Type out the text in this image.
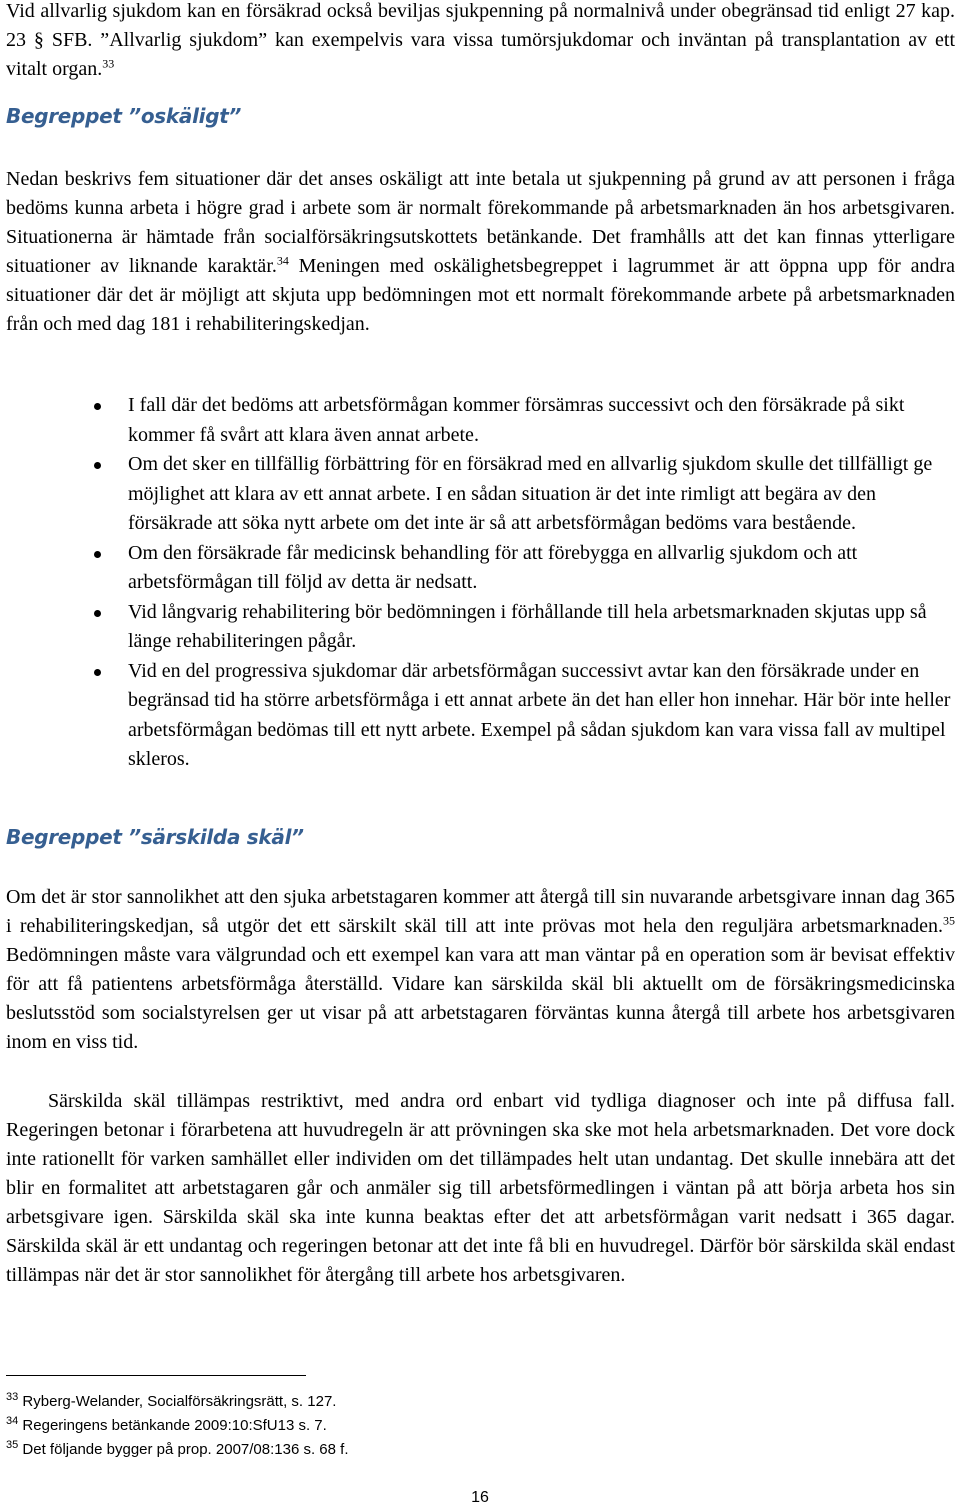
Vid allvarlig sjukdom kan en försäkrad också beviljas sjukpenning på normalnivå under obegränsad tid enligt 27 kap. 23 § SFB. ”Allvarlig sjukdom” kan exempelvis vara vissa tumörsjukdomar och inväntan på transplantation av ett vitalt organ.$^{33}$

Begreppet ”oskäligt”

Nedan beskrivs fem situationer där det anses oskäligt att inte betala ut sjukpenning på grund av att personen i fråga bedöms kunna arbeta i högre grad i arbete som är normalt förekommande på arbetsmarknaden än hos arbetsgivaren. Situationerna är hämtade från socialförsäkringsutskottets betänkande. Det framhålls att det kan finnas ytterligare situationer av liknande karaktär.$^{34}$ Meningen med oskälighetsbegreppet i lagrummet är att öppna upp för andra situationer där det är möjligt att skjuta upp bedömningen mot ett normalt förekommande arbete på arbetsmarknaden från och med dag 181 i rehabiliteringskedjan.

I fall där det bedöms att arbetsförmågan kommer försämras successivt och den försäkrade på sikt kommer få svårt att klara även annat arbete.
Om det sker en tillfällig förbättring för en försäkrad med en allvarlig sjukdom skulle det tillfälligt ge möjlighet att klara av ett annat arbete. I en sådan situation är det inte rimligt att begära av den försäkrade att söka nytt arbete om det inte är så att arbetsförmågan bedöms vara bestående.
Om den försäkrade får medicinsk behandling för att förebygga en allvarlig sjukdom och att arbetsförmågan till följd av detta är nedsatt.
Vid långvarig rehabilitering bör bedömningen i förhållande till hela arbetsmarknaden skjutas upp så länge rehabiliteringen pågår.
Vid en del progressiva sjukdomar där arbetsförmågan successivt avtar kan den försäkrade under en begränsad tid ha större arbetsförmåga i ett annat arbete än det han eller hon innehar. Här bör inte heller arbetsförmågan bedömas till ett nytt arbete. Exempel på sådan sjukdom kan vara vissa fall av multipel skleros.
Begreppet ”särskilda skäl”

Om det är stor sannolikhet att den sjuka arbetstagaren kommer att återgå till sin nuvarande arbetsgivare innan dag 365 i rehabiliteringskedjan, så utgör det ett särskilt skäl till att inte prövas mot hela den reguljära arbetsmarknaden.$^{35}$ Bedömningen måste vara välgrundad och ett exempel kan vara att man väntar på en operation som är bevisat effektiv för att få patientens arbetsförmåga återställd. Vidare kan särskilda skäl bli aktuellt om de försäkringsmedicinska beslutsstöd som socialstyrelsen ger ut visar på att arbetstagaren förväntas kunna återgå till arbete hos arbetsgivaren inom en viss tid.

Särskilda skäl tillämpas restriktivt, med andra ord enbart vid tydliga diagnoser och inte på diffusa fall. Regeringen betonar i förarbetena att huvudregeln är att prövningen ska ske mot hela arbetsmarknaden. Det vore dock inte rationellt för varken samhället eller individen om det tillämpades helt utan undantag. Det skulle innebära att det blir en formalitet att arbetstagaren går och anmäler sig till arbetsförmedlingen i väntan på att börja arbeta hos sin arbetsgivare igen. Särskilda skäl ska inte kunna beaktas efter det att arbetsförmågan varit nedsatt i 365 dagar. Särskilda skäl är ett undantag och regeringen betonar att det inte få bli en huvudregel. Därför bör särskilda skäl endast tillämpas när det är stor sannolikhet för återgång till arbete hos arbetsgivaren.

$^{33}$ Ryberg-Welander, Socialförsäkringsrätt, s. 127.
$^{34}$ Regeringens betänkande 2009:10:SfU13 s. 7.
$^{35}$ Det följande bygger på prop. 2007/08:136 s. 68 f.
16
